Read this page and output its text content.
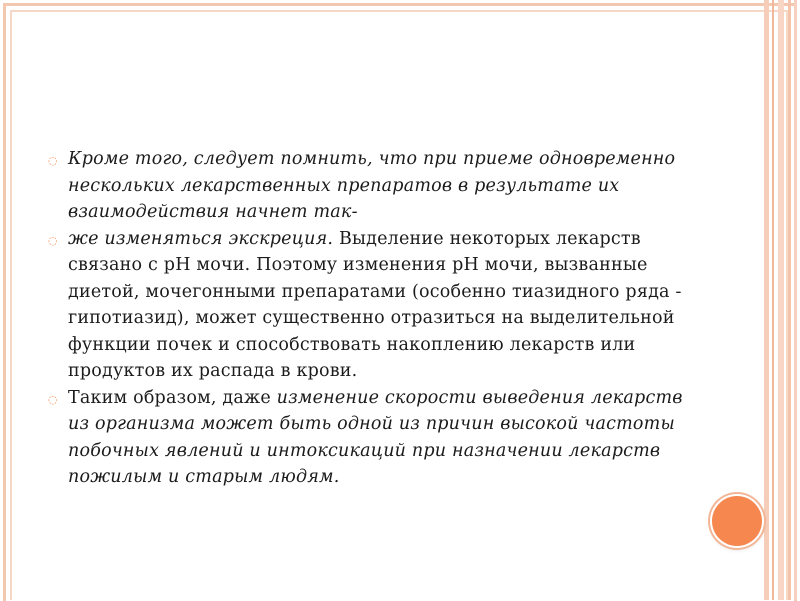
◌ Кроме того, следует помнить, что при приеме одновременно нескольких лекарственных препаратов в результате их взаимодействия начнет так-
◌ же изменяться экскреция. Выделение некоторых лекарств связано с pH мочи. Поэтому изменения pH мочи, вызванные диетой, мочегонными препаратами (особенно тиазидного ряда - гипотиазид), может существенно отразиться на выделительной функции почек и способствовать накоплению лекарств или продуктов их распада в крови.
◌ Таким образом, даже изменение скорости выведения лекарств из организма может быть одной из причин высокой частоты побочных явлений и интоксикаций при назначении лекарств пожилым и старым людям.
